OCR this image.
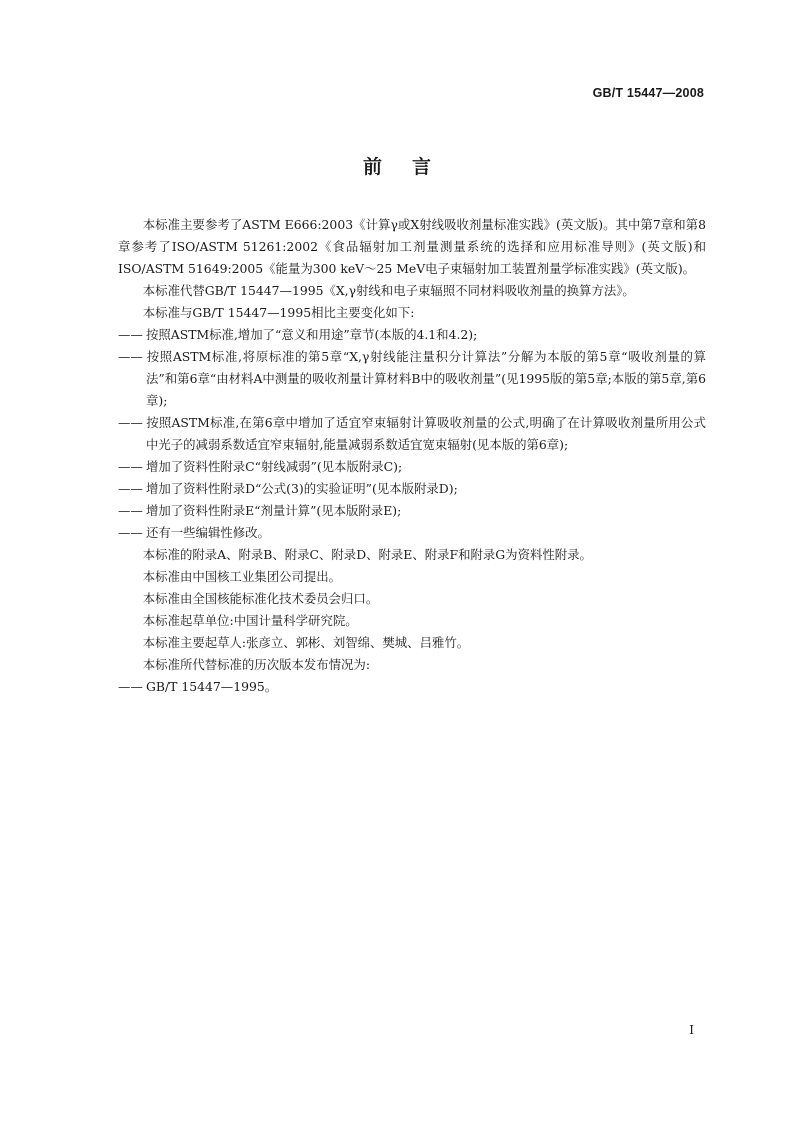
GB/T 15447—2008
前言

本标准主要参考了ASTM E666:2003《计算γ或X射线吸收剂量标准实践》(英文版)。其中第7章和第8章参考了ISO/ASTM 51261:2002《食品辐射加工剂量测量系统的选择和应用标准导则》(英文版)和ISO/ASTM 51649:2005《能量为300 keV～25 MeV电子束辐射加工装置剂量学标准实践》(英文版)。

本标准代替GB/T 15447—1995《X,γ射线和电子束辐照不同材料吸收剂量的换算方法》。

本标准与GB/T 15447—1995相比主要变化如下:

—— 按照ASTM标准,增加了“意义和用途”章节(本版的4.1和4.2);

—— 按照ASTM标准,将原标准的第5章“X,γ射线能注量积分计算法”分解为本版的第5章“吸收剂量的算法”和第6章“由材料A中测量的吸收剂量计算材料B中的吸收剂量”(见1995版的第5章;本版的第5章,第6章);

—— 按照ASTM标准,在第6章中增加了适宜窄束辐射计算吸收剂量的公式,明确了在计算吸收剂量所用公式中光子的减弱系数适宜窄束辐射,能量减弱系数适宜宽束辐射(见本版的第6章);

—— 增加了资料性附录C“射线减弱”(见本版附录C);

—— 增加了资料性附录D“公式(3)的实验证明”(见本版附录D);

—— 增加了资料性附录E“剂量计算”(见本版附录E);

—— 还有一些编辑性修改。

本标准的附录A、附录B、附录C、附录D、附录E、附录F和附录G为资料性附录。

本标准由中国核工业集团公司提出。

本标准由全国核能标准化技术委员会归口。

本标准起草单位:中国计量科学研究院。

本标准主要起草人:张彦立、郭彬、刘智绵、樊城、吕雅竹。

本标准所代替标准的历次版本发布情况为:

—— GB/T 15447—1995。

I
